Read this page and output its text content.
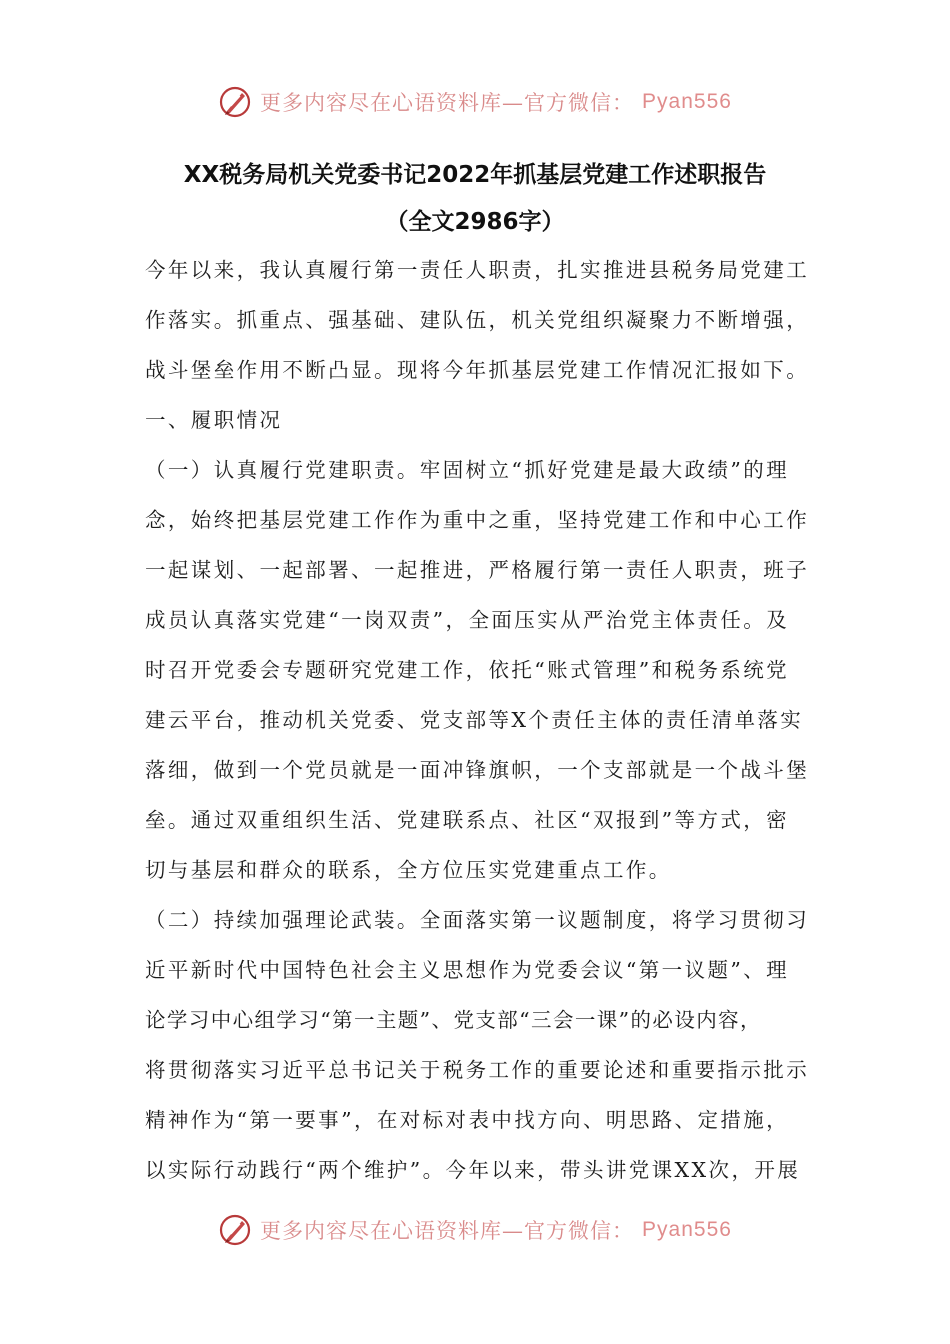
更多内容尽在心语资料库—官方微信： Pyan556
XX税务局机关党委书记2022年抓基层党建工作述职报告
（全文2986字）
今年以来，我认真履行第一责任人职责，扎实推进县税务局党建工
作落实。抓重点、强基础、建队伍，机关党组织凝聚力不断增强，
战斗堡垒作用不断凸显。现将今年抓基层党建工作情况汇报如下。
一、履职情况
（一）认真履行党建职责。牢固树立“抓好党建是最大政绩”的理
念，始终把基层党建工作作为重中之重，坚持党建工作和中心工作
一起谋划、一起部署、一起推进，严格履行第一责任人职责，班子
成员认真落实党建“一岗双责”，全面压实从严治党主体责任。及
时召开党委会专题研究党建工作，依托“账式管理”和税务系统党
建云平台，推动机关党委、党支部等X个责任主体的责任清单落实
落细，做到一个党员就是一面冲锋旗帜，一个支部就是一个战斗堡
垒。通过双重组织生活、党建联系点、社区“双报到”等方式，密
切与基层和群众的联系，全方位压实党建重点工作。
（二）持续加强理论武装。全面落实第一议题制度，将学习贯彻习
近平新时代中国特色社会主义思想作为党委会议“第一议题”、理
论学习中心组学习“第一主题”、党支部“三会一课”的必设内容，
将贯彻落实习近平总书记关于税务工作的重要论述和重要指示批示
精神作为“第一要事”，在对标对表中找方向、明思路、定措施，
以实际行动践行“两个维护”。今年以来，带头讲党课XX次，开展
更多内容尽在心语资料库—官方微信： Pyan556
